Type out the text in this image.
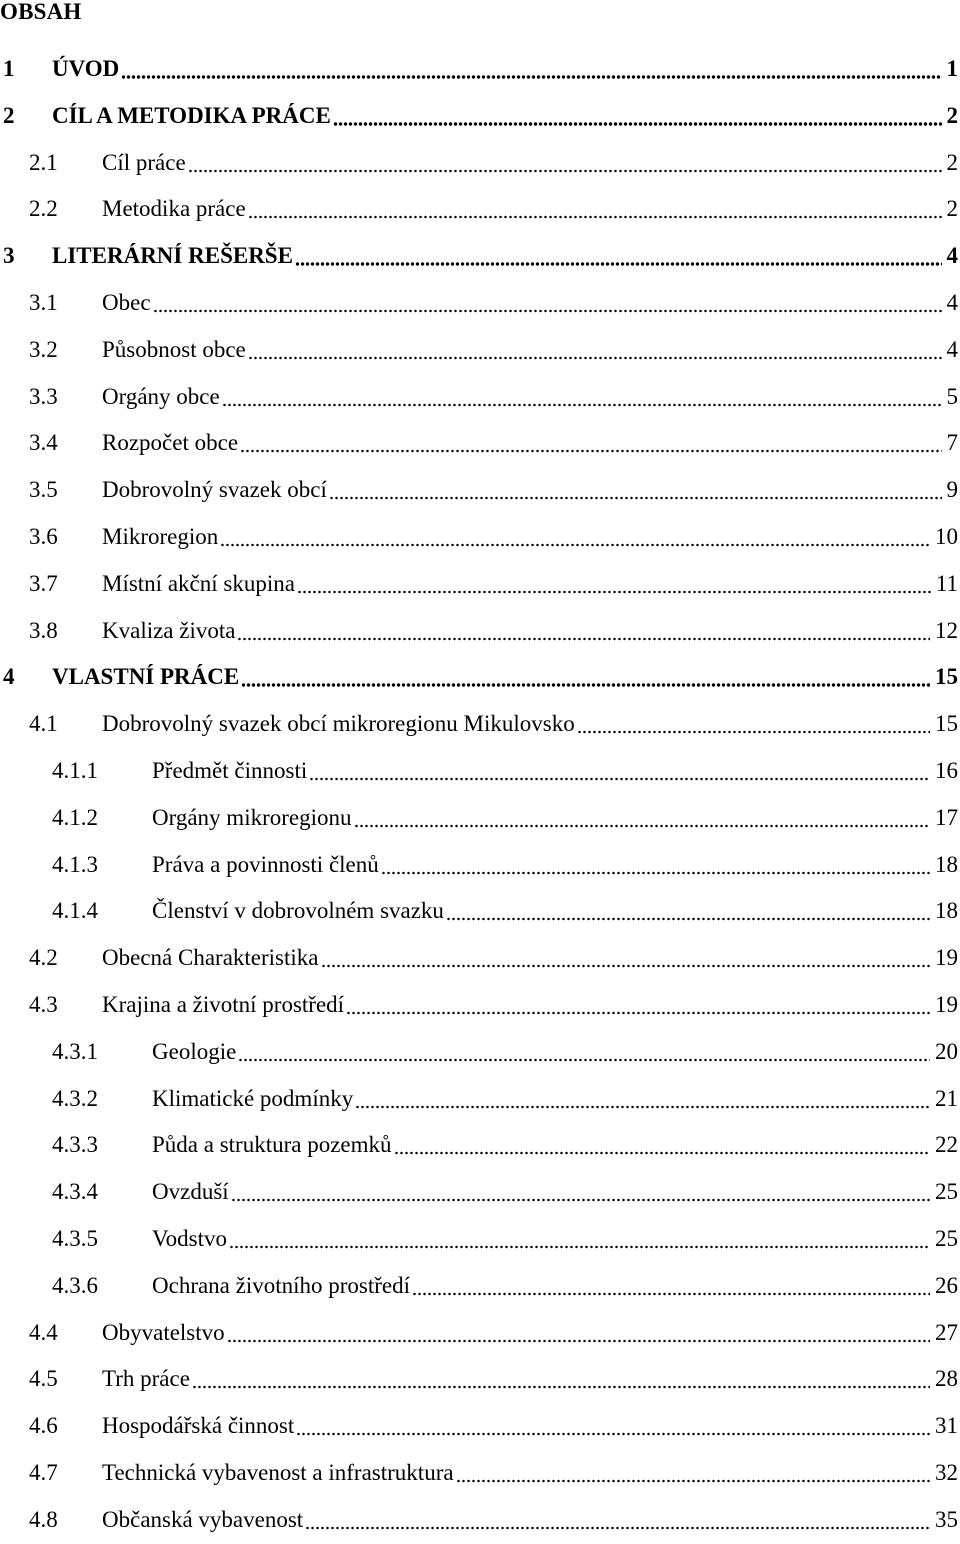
OBSAH
1 ÚVOD	1
2 CÍL A METODIKA PRÁCE	2
2.1 Cíl práce	2
2.2 Metodika práce	2
3 LITERÁRNÍ REŠERŠE	4
3.1 Obec	4
3.2 Působnost obce	4
3.3 Orgány obce	5
3.4 Rozpočet obce	7
3.5 Dobrovolný svazek obcí	9
3.6 Mikroregion	10
3.7 Místní akční skupina	11
3.8 Kvaliza života	12
4 VLASTNÍ PRÁCE	15
4.1 Dobrovolný svazek obcí mikroregionu Mikulovsko	15
4.1.1 Předmět činnosti	16
4.1.2 Orgány mikroregionu	17
4.1.3 Práva a povinnosti členů	18
4.1.4 Členství v dobrovolném svazku	18
4.2 Obecná Charakteristika	19
4.3 Krajina a životní prostředí	19
4.3.1 Geologie	20
4.3.2 Klimatické podmínky	21
4.3.3 Půda a struktura pozemků	22
4.3.4 Ovzduší	25
4.3.5 Vodstvo	25
4.3.6 Ochrana životního prostředí	26
4.4 Obyvatelstvo	27
4.5 Trh práce	28
4.6 Hospodářská činnost	31
4.7 Technická vybavenost a infrastruktura	32
4.8 Občanská vybavenost	35
